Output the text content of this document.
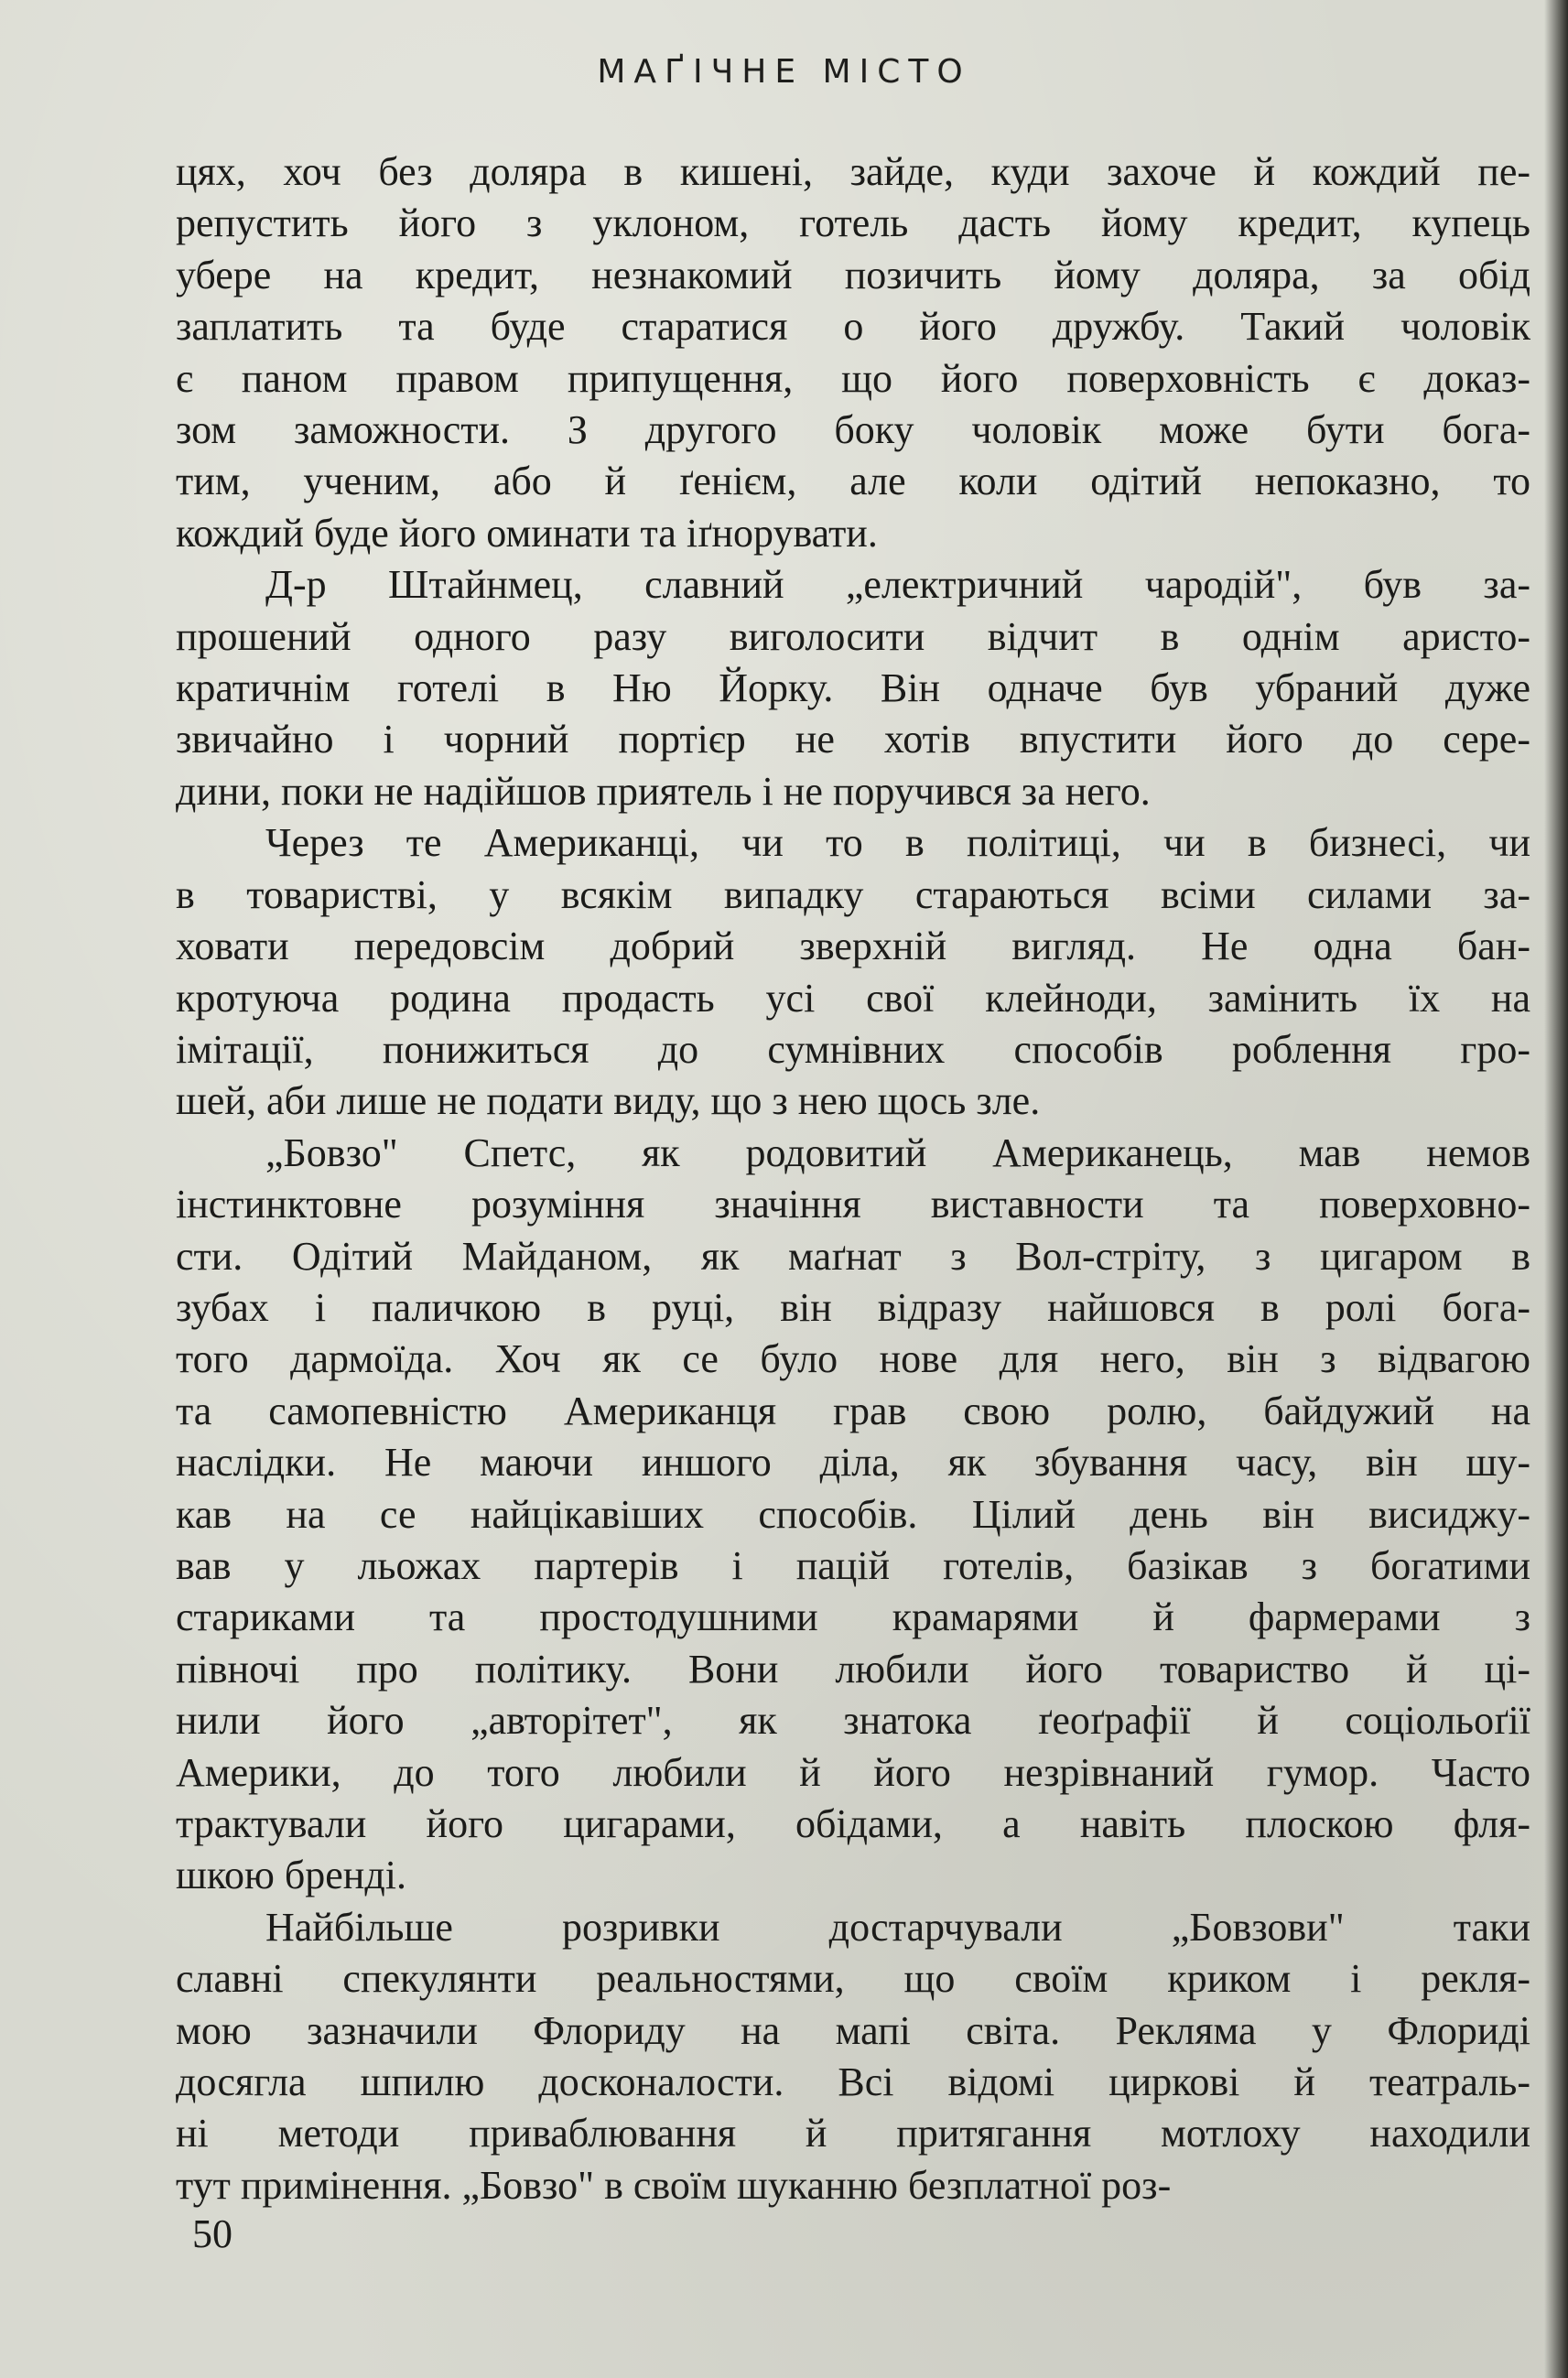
МАҐІЧНЕ МІСТО
цях, хоч без доляра в кишені, зайде, куди захоче й кождий пе-
репустить його з уклоном, готель дасть йому кредит, купець
убере на кредит, незнакомий позичить йому доляра, за обід
заплатить та буде старатися о його дружбу. Такий чоловік
є паном правом припущення, що його поверховність є доказ-
зом заможности. З другого боку чоловік може бути бога-
тим, ученим, або й ґенієм, але коли одітий непоказно, то
кождий буде його оминати та іґнорувати.
Д-р Штайнмец, славний „електричний чародій", був за-
прошений одного разу виголосити відчит в однім аристо-
кратичнім готелі в Ню Йорку. Він одначе був убраний дуже
звичайно і чорний портієр не хотів впустити його до сере-
дини, поки не надійшов приятель і не поручився за него.
Через те Американці, чи то в політиці, чи в бизнесі, чи
в товаристві, у всякім випадку стараються всіми силами за-
ховати передовсім добрий зверхній вигляд. Не одна бан-
кротуюча родина продасть усі свої клейноди, замінить їх на
імітації, понижиться до сумнівних способів роблення гро-
шей, аби лише не подати виду, що з нею щось зле.
„Бовзо" Спетс, як родовитий Американець, мав немов
інстинктовне розуміння значіння виставности та поверховно-
сти. Одітий Майданом, як маґнат з Вол-стріту, з цигаром в
зубах і паличкою в руці, він відразу найшовся в ролі бога-
того дармоїда. Хоч як се було нове для него, він з відвагою
та самопевністю Американця грав свою ролю, байдужий на
наслідки. Не маючи иншого діла, як збування часу, він шу-
кав на се найцікавіших способів. Цілий день він висиджу-
вав у льожах партерів і пацій готелів, базікав з богатими
стариками та простодушними крамарями й фармерами з
півночі про політику. Вони любили його товариство й ці-
нили його „авторітет", як знатока ґеоґрафії й соціольоґії
Америки, до того любили й його незрівнаний гумор. Часто
трактували його цигарами, обідами, а навіть плоскою фля-
шкою бренді.
Найбільше розривки достарчували „Бовзови" таки
славні спекулянти реальностями, що своїм криком і рекля-
мою зазначили Флориду на мапі світа. Рекляма у Флориді
досягла шпилю досконалости. Всі відомі циркові й театраль-
ні методи приваблювання й притягання мотлоху находили
тут примінення. „Бовзо" в своїм шуканню безплатної роз-
50
